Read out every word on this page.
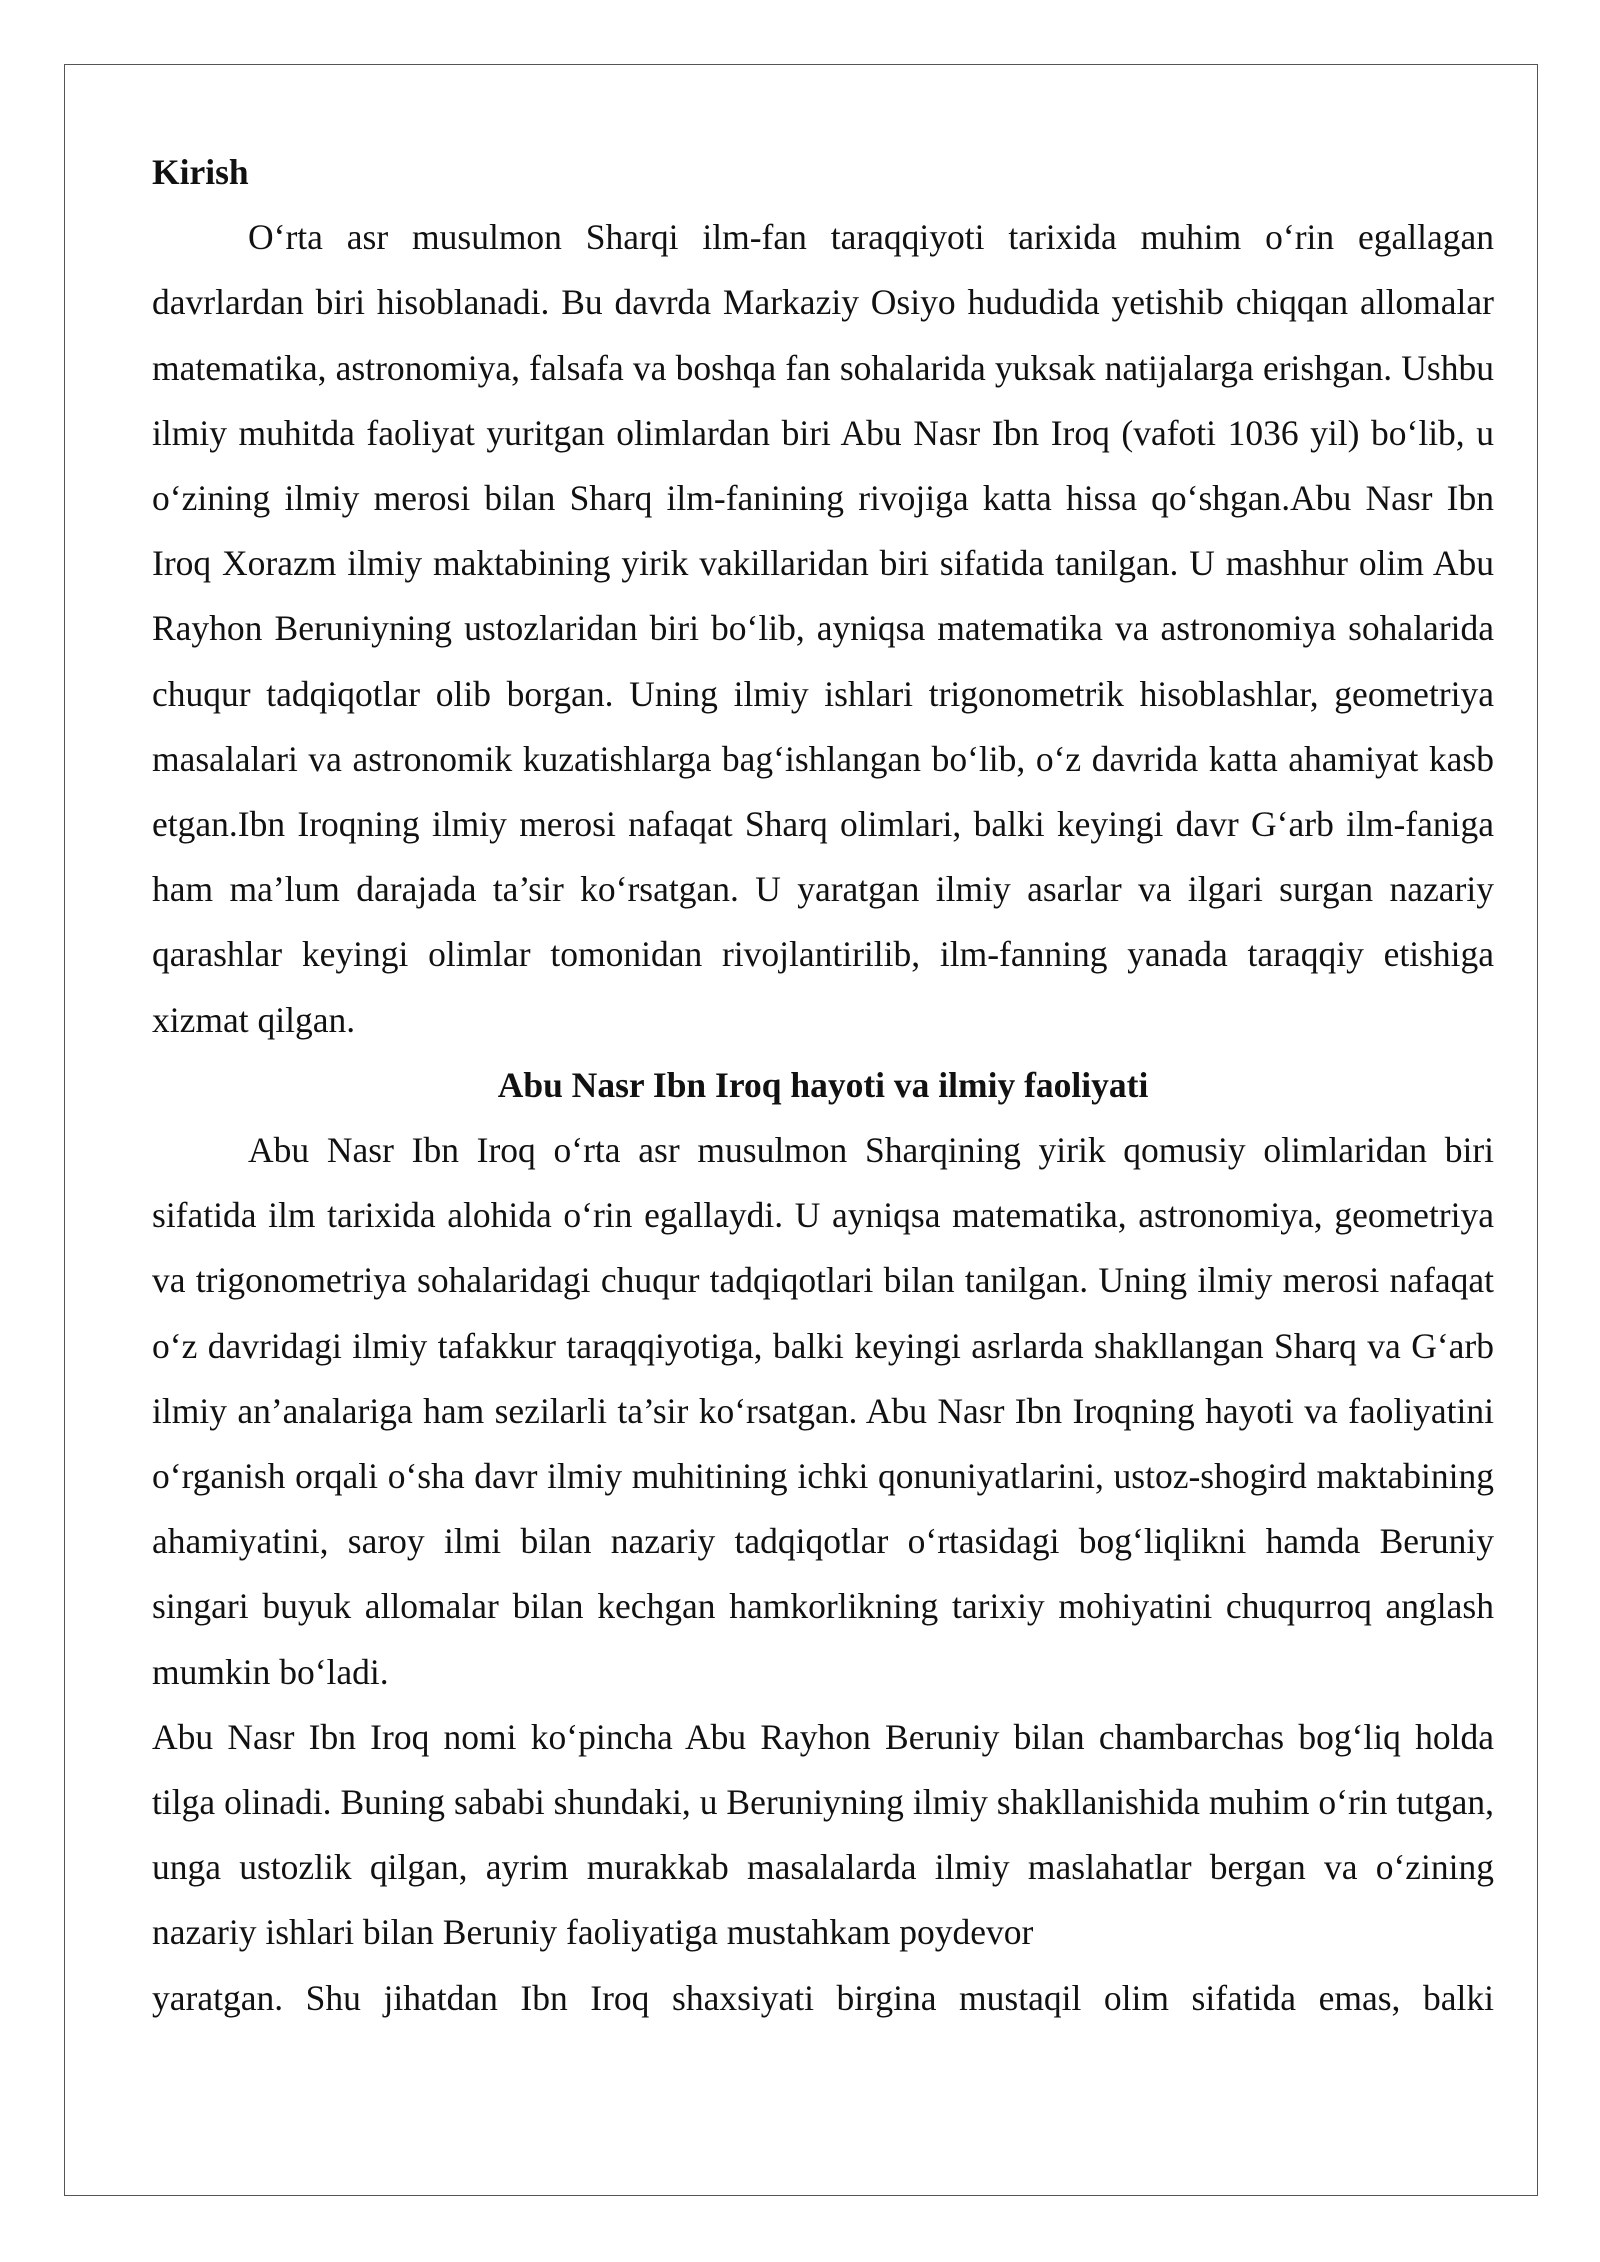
Kirish

O‘rta asr musulmon Sharqi ilm-fan taraqqiyoti tarixida muhim o‘rin egallagan davrlardan biri hisoblanadi. Bu davrda Markaziy Osiyo hududida yetishib chiqqan allomalar matematika, astronomiya, falsafa va boshqa fan sohalarida yuksak natijalarga erishgan. Ushbu ilmiy muhitda faoliyat yuritgan olimlardan biri Abu Nasr Ibn Iroq (vafoti 1036 yil) bo‘lib, u o‘zining ilmiy merosi bilan Sharq ilm-fanining rivojiga katta hissa qo‘shgan.Abu Nasr Ibn Iroq Xorazm ilmiy maktabining yirik vakillaridan biri sifatida tanilgan. U mashhur olim Abu Rayhon Beruniyning ustozlaridan biri bo‘lib, ayniqsa matematika va astronomiya sohalarida chuqur tadqiqotlar olib borgan. Uning ilmiy ishlari trigonometrik hisoblashlar, geometriya masalalari va astronomik kuzatishlarga bag‘ishlangan bo‘lib, o‘z davrida katta ahamiyat kasb etgan.Ibn Iroqning ilmiy merosi nafaqat Sharq olimlari, balki keyingi davr G‘arb ilm-faniga ham ma’lum darajada ta’sir ko‘rsatgan. U yaratgan ilmiy asarlar va ilgari surgan nazariy qarashlar keyingi olimlar tomonidan rivojlantirilib, ilm-fanning yanada taraqqiy etishiga xizmat qilgan.

Abu Nasr Ibn Iroq hayoti va ilmiy faoliyati

Abu Nasr Ibn Iroq o‘rta asr musulmon Sharqining yirik qomusiy olimlaridan biri sifatida ilm tarixida alohida o‘rin egallaydi. U ayniqsa matematika, astronomiya, geometriya va trigonometriya sohalaridagi chuqur tadqiqotlari bilan tanilgan. Uning ilmiy merosi nafaqat o‘z davridagi ilmiy tafakkur taraqqiyotiga, balki keyingi asrlarda shakllangan Sharq va G‘arb ilmiy an’analariga ham sezilarli ta’sir ko‘rsatgan. Abu Nasr Ibn Iroqning hayoti va faoliyatini o‘rganish orqali o‘sha davr ilmiy muhitining ichki qonuniyatlarini, ustoz-shogird maktabining ahamiyatini, saroy ilmi bilan nazariy tadqiqotlar o‘rtasidagi bog‘liqlikni hamda Beruniy singari buyuk allomalar bilan kechgan hamkorlikning tarixiy mohiyatini chuqurroq anglash mumkin bo‘ladi.

Abu Nasr Ibn Iroq nomi ko‘pincha Abu Rayhon Beruniy bilan chambarchas bog‘liq holda tilga olinadi. Buning sababi shundaki, u Beruniyning ilmiy shakllanishida muhim o‘rin tutgan, unga ustozlik qilgan, ayrim murakkab masalalarda ilmiy maslahatlar bergan va o‘zining nazariy ishlari bilan Beruniy faoliyatiga mustahkam poydevor
yaratgan. Shu jihatdan Ibn Iroq shaxsiyati birgina mustaqil olim sifatida emas, balki
